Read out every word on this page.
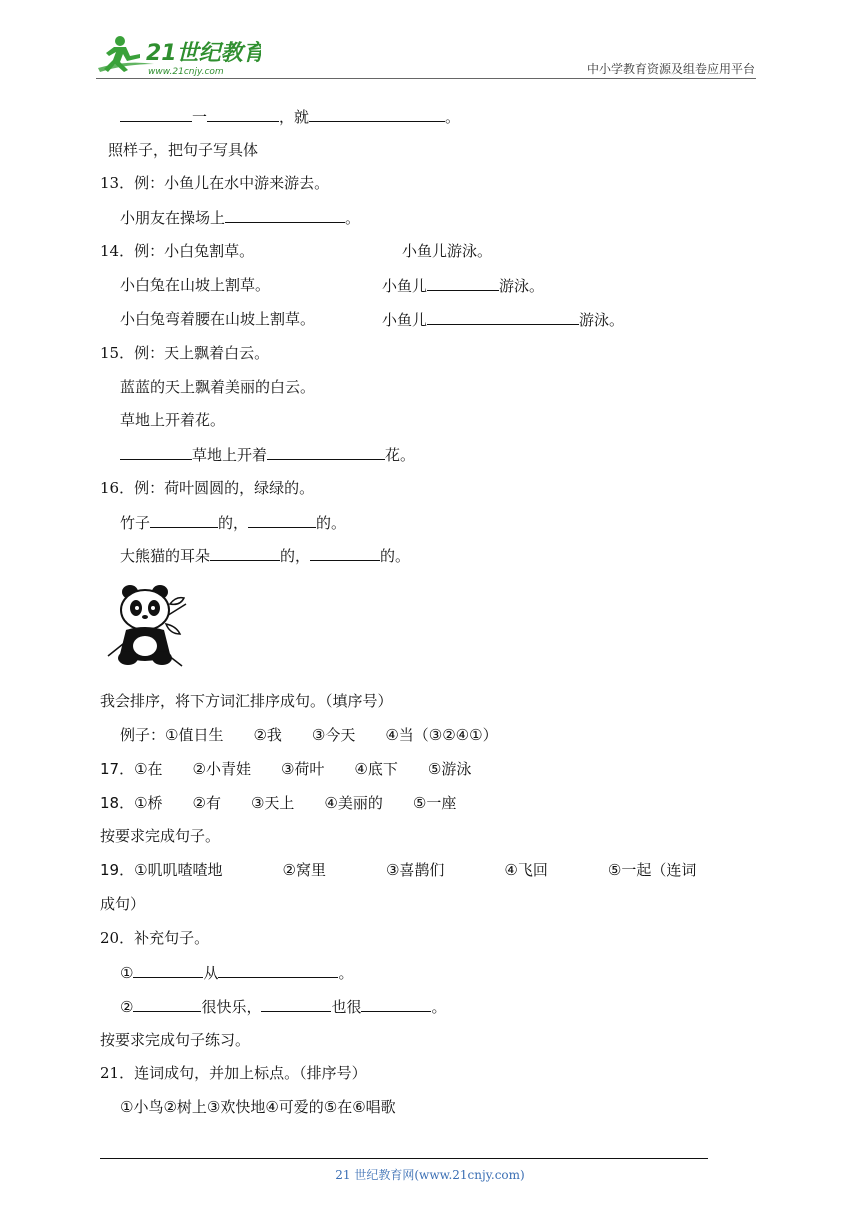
21世纪教育
www.21cnjy.com	中小学教育资源及组卷应用平台
一	，就	。
照样子，把句子写具体
13．例：小鱼儿在水中游来游去。
小朋友在操场上	。
14．例：小白兔割草。	小鱼儿游泳。
小白兔在山坡上割草。	小鱼儿	游泳。
小白兔弯着腰在山坡上割草。	小鱼儿	游泳。
15．例：天上飘着白云。
蓝蓝的天上飘着美丽的白云。
草地上开着花。
草地上开着	花。
16．例：荷叶圆圆的，绿绿的。
竹子	的，	的。
大熊猫的耳朵	的，	的。
我会排序，将下方词汇排序成句。（填序号）
例子：①值日生　　②我　　③今天　　④当（③②④①）
17．①在　　②小青娃　　③荷叶　　④底下　　⑤游泳
18．①桥　　②有　　③天上　　④美丽的　　⑤一座
按要求完成句子。
19．①叽叽喳喳地　　　　②窝里　　　　③喜鹊们　　　　④飞回　　　　⑤一起（连词
成句）
20．补充句子。
①	从	。
②	很快乐，	也很	。
按要求完成句子练习。
21．连词成句，并加上标点。（排序号）
①小鸟②树上③欢快地④可爱的⑤在⑥唱歌
21 世纪教育网(www.21cnjy.com)
